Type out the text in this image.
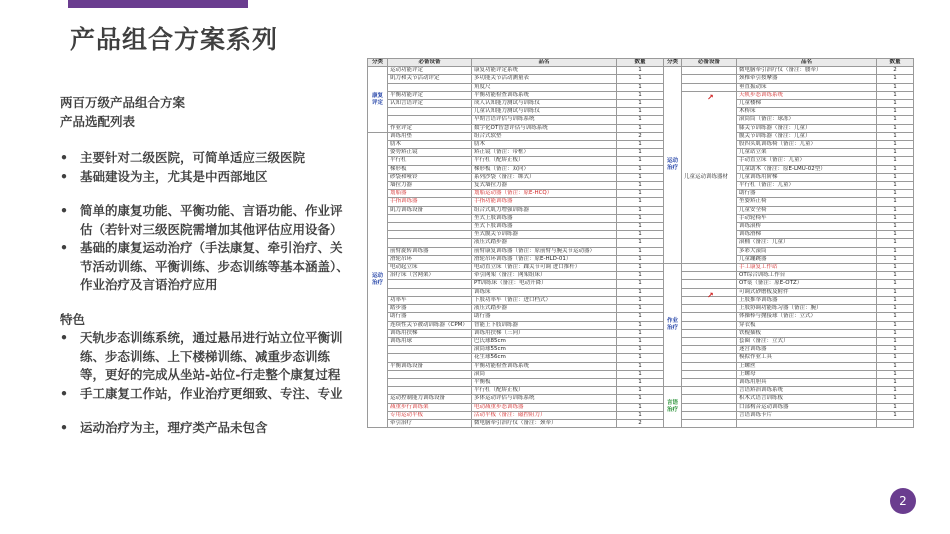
产品组合方案系列
两百万级产品组合方案
产品选配列表
• 主要针对二级医院，可简单适应三级医院
• 基础建设为主，尤其是中西部地区
• 简单的康复功能、平衡功能、言语功能、作业评估（若针对三级医院需增加其他评估应用设备）
• 基础的康复运动治疗（手法康复、牵引治疗、关节活动训练、平衡训练、步态训练等基本涵盖）、作业治疗及言语治疗应用
特色
• 天轨步态训练系统，通过悬吊进行站立位平衡训练、步态训练、上下楼梯训练、减重步态训练等，更好的完成从坐站-站位-行走整个康复过程
• 手工康复工作站，作业治疗更细致、专注、专业
• 运动治疗为主，理疗类产品未包含
分类	必备设备	品名	数量
康复评定	运动功能评定	康复功能评定系统	1
	肌力和关节活动评定	多功能关节活动测量表	1
		角度尺	1
	平衡功能评定	平衡功能检查训练系统	1
	认知言语评定	成人认知能力测试与训练仪	1
		儿童认知能力测试与训练仪	1
		早期言语评估与训练系统	1
	作业评定	数字化OT智慧评估与训练系统	1
运动治疗	训练用垫	组合式软垫	2
	肋木	肋木	1
	姿势矫正镜	矫正镜（备注：带框）	1
	平行杠	平行杠（配矫正板）	1
	梯形板	梯形板（备注：双向）	1
	砂袋和哑铃	系列沙袋（备注：绑式）	1
	墙拉力器	复式墙拉力器	1
	划船器	划船运动器（备注：原E-HCQ）	1
	手指训练器	手指功能训练器	1
	肌力训练设备	组合式肌力增强训练器	1
		坐式上肢训练器	1
		坐式下肢训练器	1
		坐式髋关节训练器	1
		液压式踏步器	1
	前臂旋转训练器	前臂康复训练器（备注：原前臂与腕关节运动器）	1
	滑轮吊环	滑轮吊环训练器（备注：原E-HLD-01）	1
	电动起立床	电动直立床（备注：踝关节可调 进口推杆）	1
	治疗床（含网架）	牵引网架（备注：网架组床）	1
		PT训练床（备注：电动升降）	1
		训练床	1
	功率车	下肢功率车（备注：进口档式）	1
	踏步器	液压式踏步器	1
	助行器	助行器	1
	连续性关节被动训练器（CPM）	智能上下肢训练器	1
	训练用扶梯	训练用扶梯（三向）	1
	训练用球	巴氏球85cm	1
		滚筒球55cm	1
		花生球56cm	1
	平衡训练设备	平衡功能检查训练系统	1
		滚筒	1
		平衡板	1
		平行杠（配矫正板）	1
	运动控制能力训练设备	多体运动评估与训练系统	1
	减重步行训练架	电动减重步态训练器	1
	专用运动平板	活动平板（备注：磁控阻力）	1
	牵引治疗	微电脑牵引治疗仪（备注：颈牵）	2
分类	必备设备	品名	数量
运动治疗		微电脑牵引治疗仪（备注：腰牵）	2
		颈椎牵引按摩器	1
		垂直振动床	1
	儿童运动训练器材	天轨步态训练系统	1
		儿童楼梯	1
		木桥床	1
		滚筒筒（备注：球冻）	1
		膝关节训练器（备注：儿童）	1
		髋关节训练器（备注：儿童）	1
		股四头肌训练椅（备注：儿童）	1
		儿童站立架	1
		手动直立床（备注：儿童）	1
		儿童助木（备注：原E-LMU-02型）	1
		儿童训练用阶梯	1
		平行杠（备注：儿童）	1
		助行器	1
		坐姿矫正椅	1
		儿童安全椅	1
		手动轮椅车	1
		训练滚桥	1
		训练滑梯	1
		滚桶（备注：儿童）	1
		多彩大滚筒	1
		儿童蹦跳器	1
作业治疗		手工康复工作站	1
		OT综合训练工作台	1
		OT桌（备注：原E-OTZ）	1
		可调式砂磨板及附件	1
		上肢推举训练器	1
		上肢协调功能练习器（备注：腕）	1
		体操棒与抛接球（备注：立式）	1
		穿衣板	1
		铁棍插板	1
		套圈（备注：立式）	1
		迷宫训练器	1
		模拟作业工具	1
		上螺丝	1
		上螺母	1
		训练用胆具	1
言语治疗		言语矫治训练系统	1
		积木式语言训练板	1
		口部构音运动训练器	1
		言语训练卡片	1

↗
↗
2
